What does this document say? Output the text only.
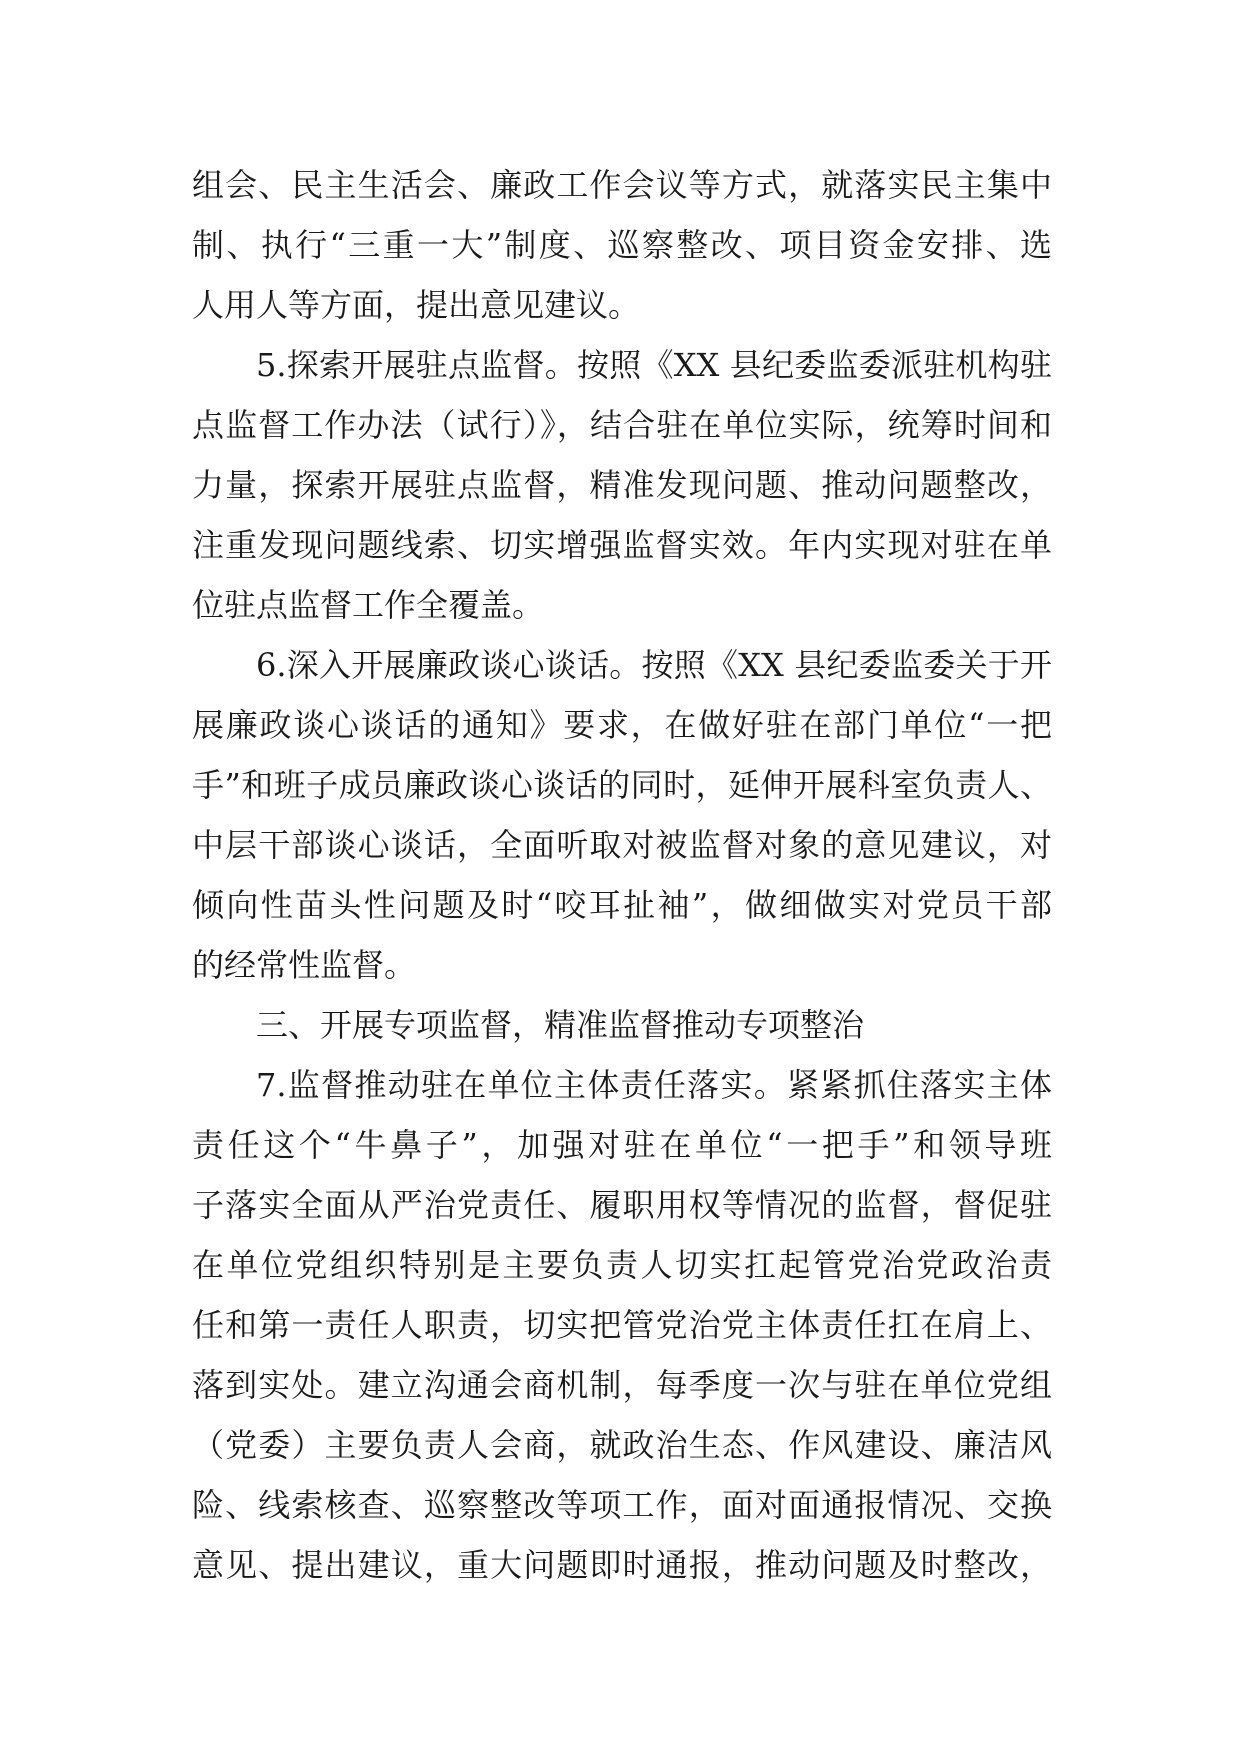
组会、民主生活会、廉政工作会议等方式，就落实民主集中
制、执行“三重一大”制度、巡察整改、项目资金安排、选
人用人等方面，提出意见建议。
5.探索开展驻点监督。按照《XX 县纪委监委派驻机构驻
点监督工作办法（试行）》，结合驻在单位实际，统筹时间和
力量，探索开展驻点监督，精准发现问题、推动问题整改，
注重发现问题线索、切实增强监督实效。年内实现对驻在单
位驻点监督工作全覆盖。
6.深入开展廉政谈心谈话。按照《XX 县纪委监委关于开
展廉政谈心谈话的通知》要求，在做好驻在部门单位“一把
手”和班子成员廉政谈心谈话的同时，延伸开展科室负责人、
中层干部谈心谈话，全面听取对被监督对象的意见建议，对
倾向性苗头性问题及时“咬耳扯袖”，做细做实对党员干部
的经常性监督。
三、开展专项监督，精准监督推动专项整治
7.监督推动驻在单位主体责任落实。紧紧抓住落实主体
责任这个“牛鼻子”，加强对驻在单位“一把手”和领导班
子落实全面从严治党责任、履职用权等情况的监督，督促驻
在单位党组织特别是主要负责人切实扛起管党治党政治责
任和第一责任人职责，切实把管党治党主体责任扛在肩上、
落到实处。建立沟通会商机制，每季度一次与驻在单位党组
（党委）主要负责人会商，就政治生态、作风建设、廉洁风
险、线索核查、巡察整改等项工作，面对面通报情况、交换
意见、提出建议，重大问题即时通报，推动问题及时整改，
